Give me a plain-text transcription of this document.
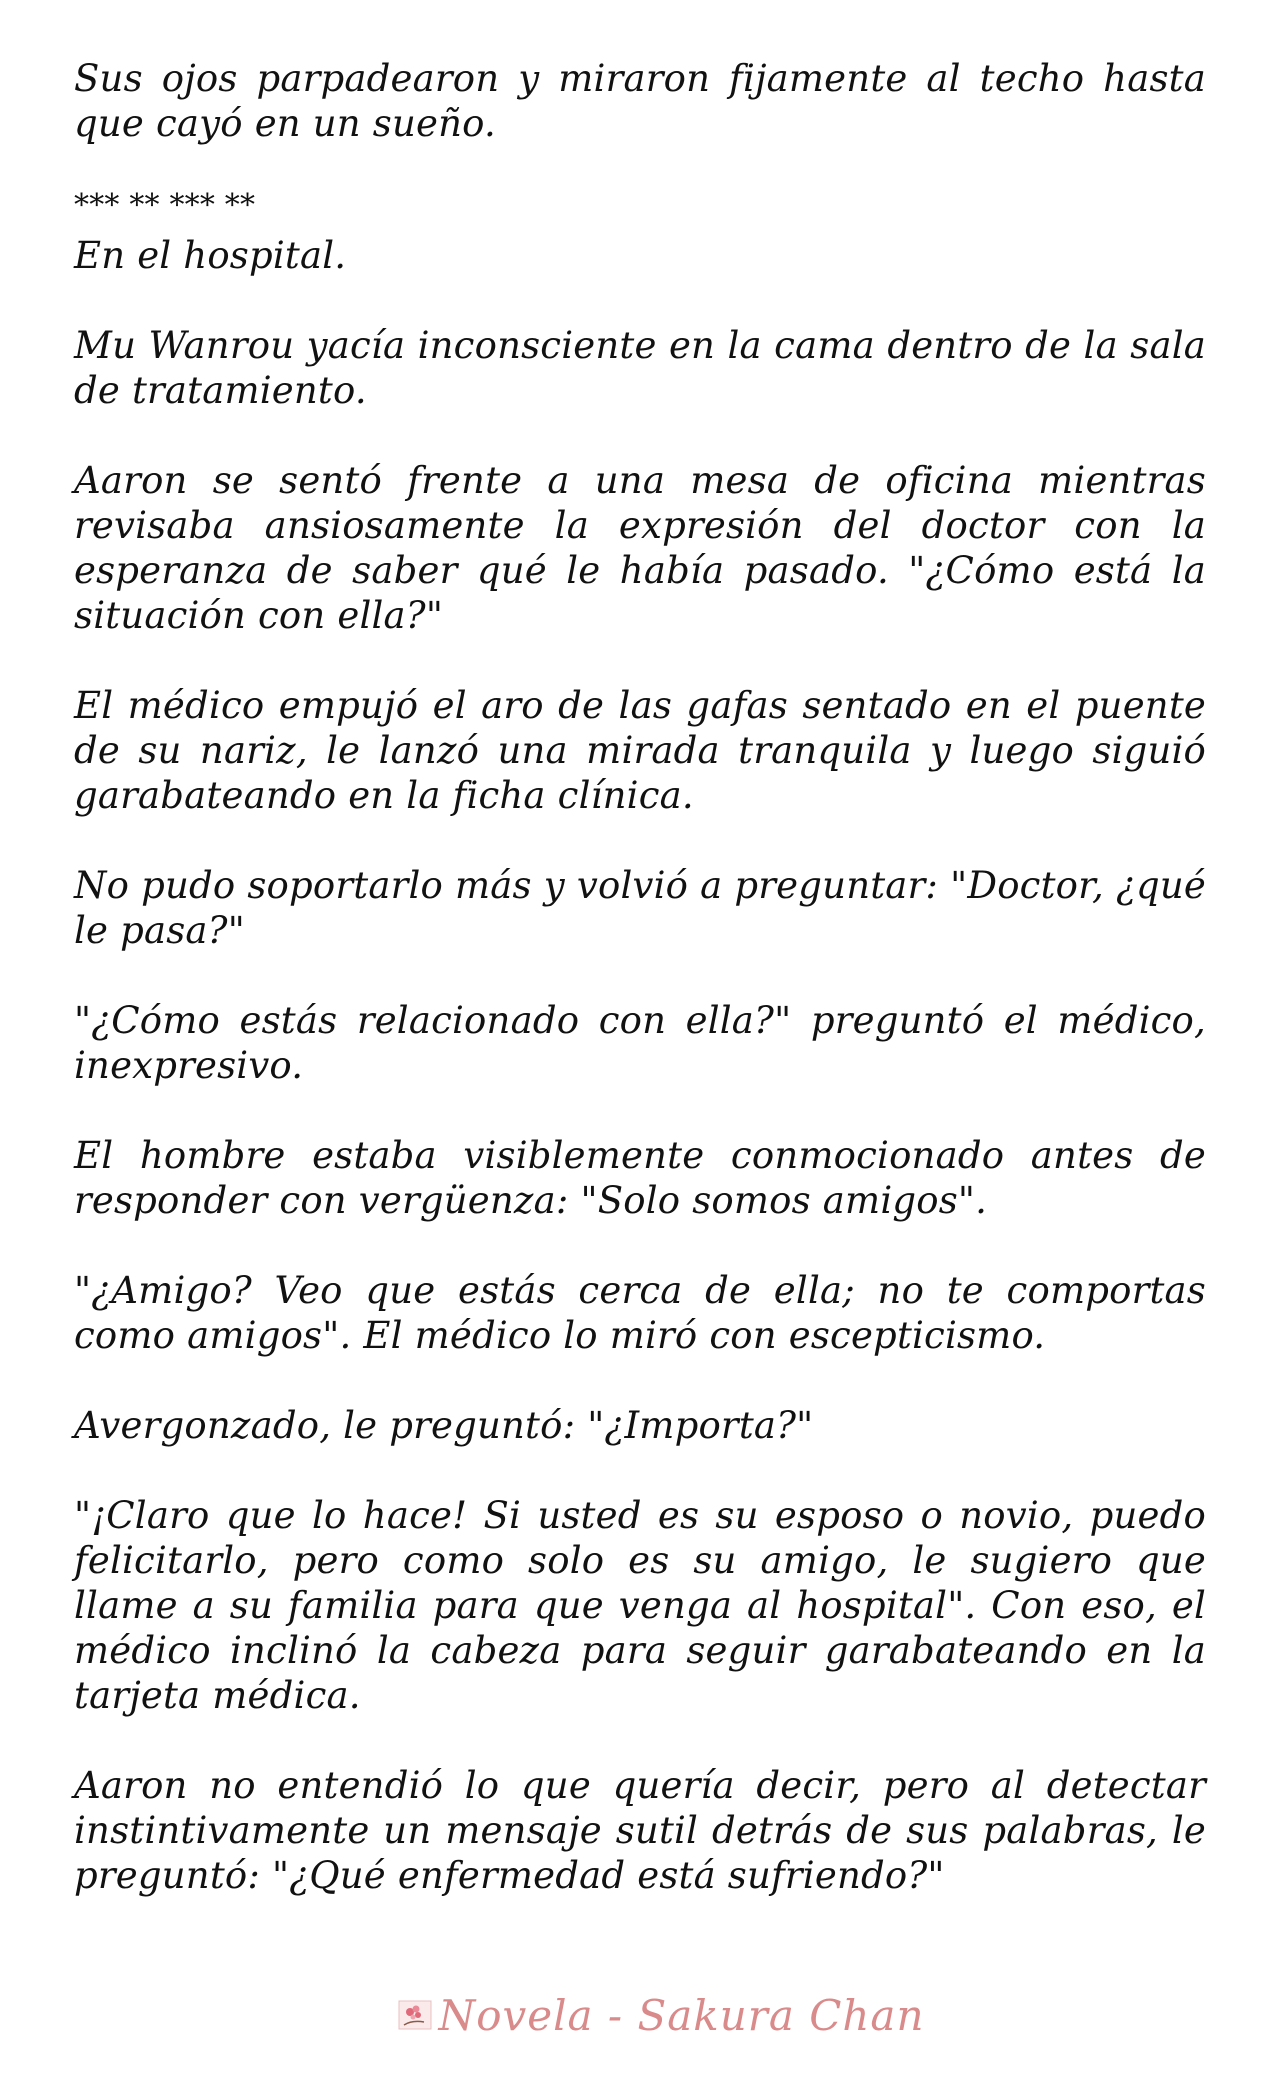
Sus ojos parpadearon y miraron fijamente al techo hasta que cayó en un sueño.

*** ** *** **

En el hospital.

Mu Wanrou yacía inconsciente en la cama dentro de la sala de tratamiento.

Aaron se sentó frente a una mesa de oficina mientras revisaba ansiosamente la expresión del doctor con la esperanza de saber qué le había pasado. "¿Cómo está la situación con ella?"

El médico empujó el aro de las gafas sentado en el puente de su nariz, le lanzó una mirada tranquila y luego siguió garabateando en la ficha clínica.

No pudo soportarlo más y volvió a preguntar: "Doctor, ¿qué le pasa?"

"¿Cómo estás relacionado con ella?" preguntó el médico, inexpresivo.

El hombre estaba visiblemente conmocionado antes de responder con vergüenza: "Solo somos amigos".

"¿Amigo? Veo que estás cerca de ella; no te comportas como amigos". El médico lo miró con escepticismo.

Avergonzado, le preguntó: "¿Importa?"

"¡Claro que lo hace! Si usted es su esposo o novio, puedo felicitarlo, pero como solo es su amigo, le sugiero que llame a su familia para que venga al hospital". Con eso, el médico inclinó la cabeza para seguir garabateando en la tarjeta médica.

Aaron no entendió lo que quería decir, pero al detectar instintivamente un mensaje sutil detrás de sus palabras, le preguntó: "¿Qué enfermedad está sufriendo?"

Novela - Sakura Chan
